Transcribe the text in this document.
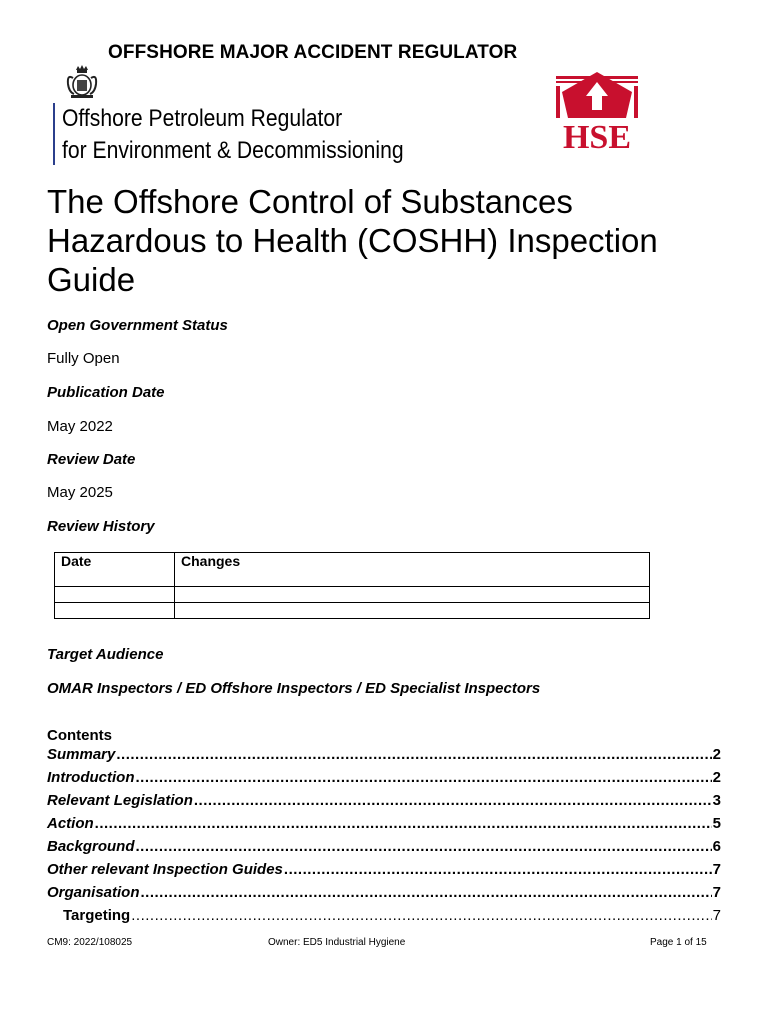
OFFSHORE MAJOR ACCIDENT REGULATOR
Offshore Petroleum Regulator
for Environment & Decommissioning	HSE
The Offshore Control of Substances Hazardous to Health (COSHH) Inspection Guide
Open Government Status
Fully Open
Publication Date
May 2022
Review Date
May 2025
Review History
Date	Changes

Target Audience
OMAR Inspectors / ED Offshore Inspectors / ED Specialist Inspectors
Contents
Summary .....	2
Introduction .....	2
Relevant Legislation .....	3
Action .....	5
Background .....	6
Other relevant Inspection Guides .....	7
Organisation .....	7
Targeting .....	7
CM9: 2022/108025	Owner: ED5 Industrial Hygiene	Page 1 of 15
